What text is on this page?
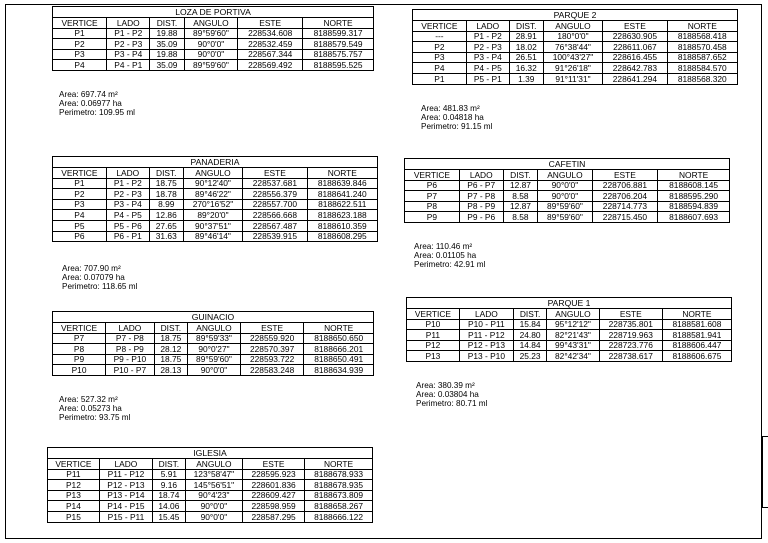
LOZA DE PORTIVA
VERTICE	LADO	DIST.	ANGULO	ESTE	NORTE
P1	P1 - P2	19.88	89°59'60"	228534.608	8188599.317
P2	P2 - P3	35.09	90°0'0"	228532.459	8188579.549
P3	P3 - P4	19.88	90°0'0"	228567.344	8188575.757
P4	P4 - P1	35.09	89°59'60"	228569.492	8188595.525
Area: 697.74 m²
Area: 0.06977 ha
Perimetro: 109.95 ml
PARQUE 2
VERTICE	LADO	DIST.	ANGULO	ESTE	NORTE
---	P1 - P2	28.91	180°0'0"	228630.905	8188568.418
P2	P2 - P3	18.02	76°38'44"	228611.067	8188570.458
P3	P3 - P4	26.51	100°43'27"	228616.455	8188587.652
P4	P4 - P5	16.32	91°26'18"	228642.783	8188584.570
P1	P5 - P1	1.39	91°11'31"	228641.294	8188568.320
Area: 481.83 m²
Area: 0.04818 ha
Perimetro: 91.15 ml
PANADERIA
VERTICE	LADO	DIST.	ANGULO	ESTE	NORTE
P1	P1 - P2	18.75	90°12'40"	228537.681	8188639.846
P2	P2 - P3	18.78	89°46'22"	228556.379	8188641.240
P3	P3 - P4	8.99	270°16'52"	228557.700	8188622.511
P4	P4 - P5	12.86	89°20'0"	228566.668	8188623.188
P5	P5 - P6	27.65	90°37'51"	228567.487	8188610.359
P6	P6 - P1	31.63	89°46'14"	228539.915	8188608.295
Area: 707.90 m²
Area: 0.07079 ha
Perimetro: 118.65 ml
CAFETIN
VERTICE	LADO	DIST.	ANGULO	ESTE	NORTE
P6	P6 - P7	12.87	90°0'0"	228706.881	8188608.145
P7	P7 - P8	8.58	90°0'0"	228706.204	8188595.290
P8	P8 - P9	12.87	89°59'60"	228714.773	8188594.839
P9	P9 - P6	8.58	89°59'60"	228715.450	8188607.693
Area: 110.46 m²
Area: 0.01105 ha
Perimetro: 42.91 ml
GUINACIO
VERTICE	LADO	DIST.	ANGULO	ESTE	NORTE
P7	P7 - P8	18.75	89°59'33"	228559.920	8188650.650
P8	P8 - P9	28.12	90°0'27"	228570.397	8188666.201
P9	P9 - P10	18.75	89°59'60"	228593.722	8188650.491
P10	P10 - P7	28.13	90°0'0"	228583.248	8188634.939
Area: 527.32 m²
Area: 0.05273 ha
Perimetro: 93.75 ml
PARQUE 1
VERTICE	LADO	DIST.	ANGULO	ESTE	NORTE
P10	P10 - P11	15.84	95°12'12"	228735.801	8188581.608
P11	P11 - P12	24.80	82°21'43"	228719.963	8188581.941
P12	P12 - P13	14.84	99°43'31"	228723.776	8188606.447
P13	P13 - P10	25.23	82°42'34"	228738.617	8188606.675
Area: 380.39 m²
Area: 0.03804 ha
Perimetro: 80.71 ml
IGLESIA
VERTICE	LADO	DIST.	ANGULO	ESTE	NORTE
P11	P11 - P12	5.91	123°58'47"	228595.923	8188678.933
P12	P12 - P13	9.16	145°56'51"	228601.836	8188678.935
P13	P13 - P14	18.74	90°4'23"	228609.427	8188673.809
P14	P14 - P15	14.06	90°0'0"	228598.959	8188658.267
P15	P15 - P11	15.45	90°0'0"	228587.295	8188666.122
